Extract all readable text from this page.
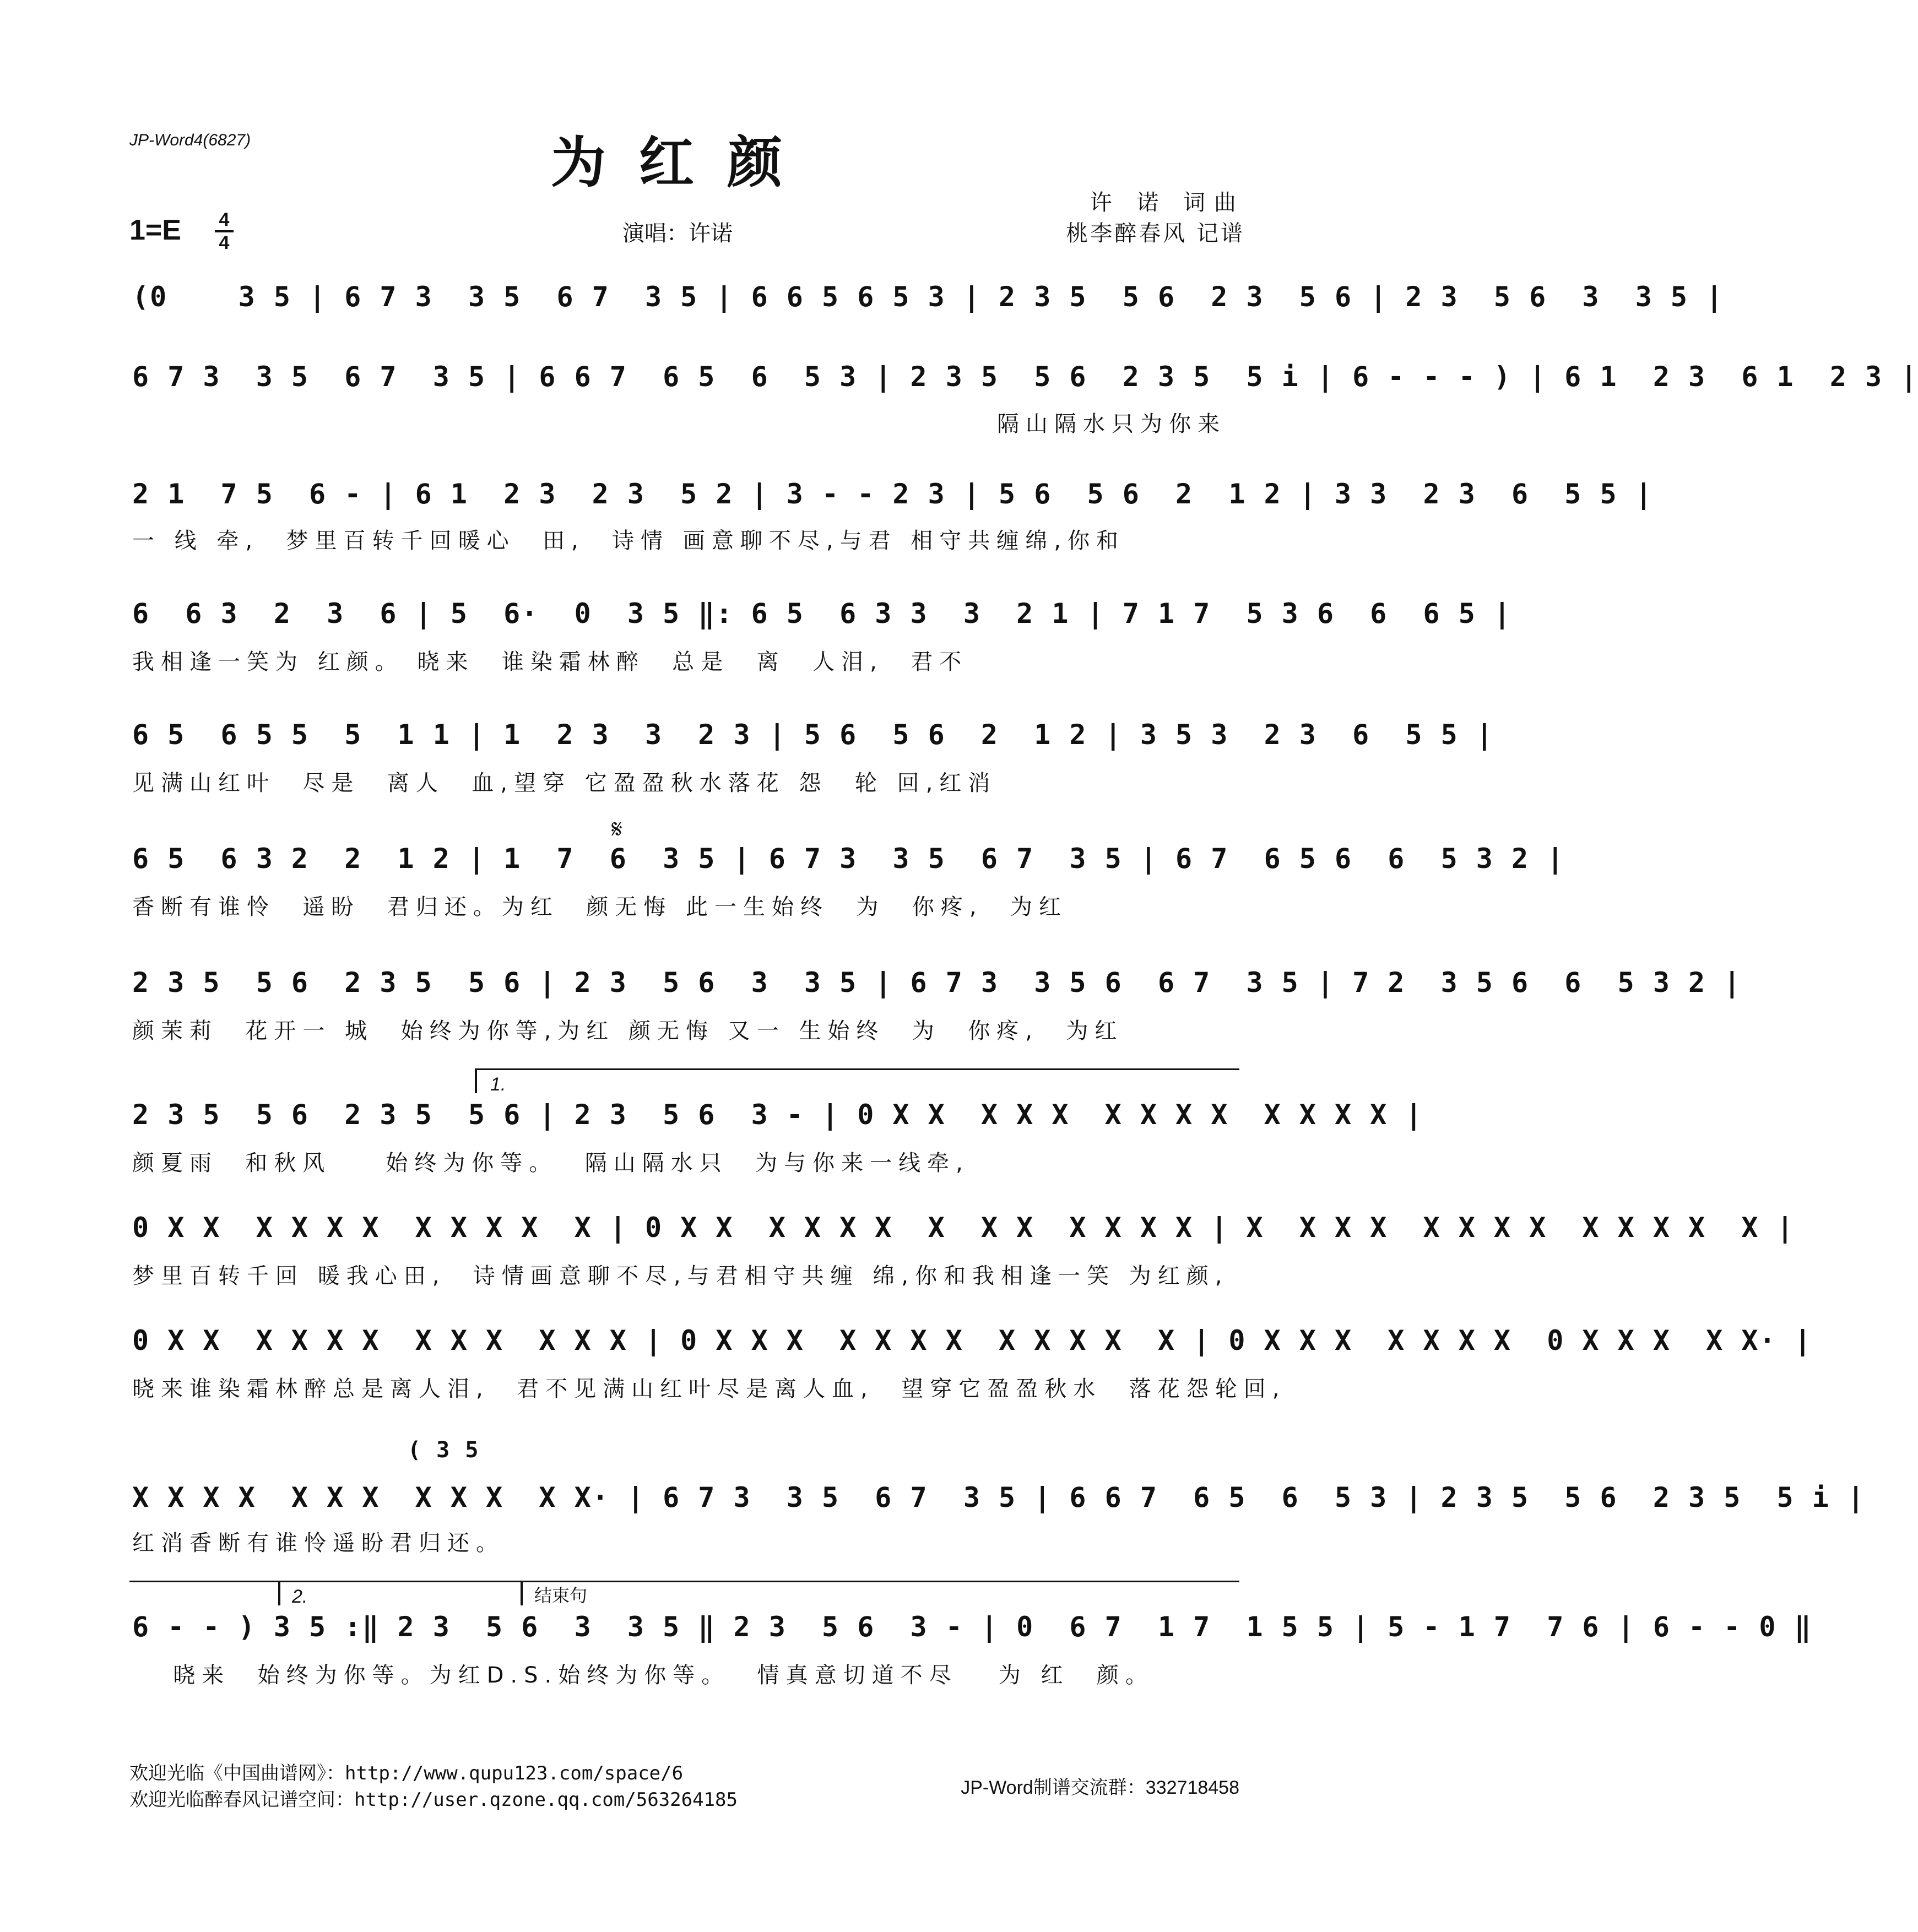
JP-Word4(6827)	为红颜
1=E 4
4	演唱：许诺
许 诺 词曲
桃李醉春风 记谱
(0    3 5 | 6 7 3  3 5  6 7  3 5 | 6 6 5 6 5 3 | 2 3 5  5 6  2 3  5 6 | 2 3  5 6  3  3 5 |
6 7 3  3 5  6 7  3 5 | 6 6 7  6 5  6  5 3 | 2 3 5  5 6  2 3 5  5 i | 6 - - - ) | 6 1  2 3  6 1  2 3 |
隔山隔水只为你来
2 1  7 5  6 - | 6 1  2 3  2 3  5 2 | 3 - - 2 3 | 5 6  5 6  2  1 2 | 3 3  2 3  6  5 5 |
一 线 牵,  梦里百转千回暖心  田,  诗情 画意聊不尽,与君 相守共缠绵,你和
6  6 3  2  3  6 | 5  6·  0  3 5 ‖: 6 5  6 3 3  3  2 1 | 7 1 7  5 3 6  6  6 5 |
我相逢一笑为 红颜。 晓来  谁染霜林醉  总是  离  人泪,  君不
6 5  6 5 5  5  1 1 | 1  2 3  3  2 3 | 5 6  5 6  2  1 2 | 3 5 3  2 3  6  5 5 |
见满山红叶  尽是  离人  血,望穿 它盈盈秋水落花 怨  轮 回,红消
𝄋
6 5  6 3 2  2  1 2 | 1  7  6  3 5 | 6 7 3  3 5  6 7  3 5 | 6 7  6 5 6  6  5 3 2 |
香断有谁怜  遥盼  君归还。为红  颜无悔 此一生始终  为  你疼,  为红
2 3 5  5 6  2 3 5  5 6 | 2 3  5 6  3  3 5 | 6 7 3  3 5 6  6 7  3 5 | 7 2  3 5 6  6  5 3 2 |
颜茉莉  花开一 城  始终为你等,为红 颜无悔 又一 生始终  为  你疼,  为红
1.
2 3 5  5 6  2 3 5  5 6 | 2 3  5 6  3 - | 0 X X  X X X  X X X X  X X X X |
颜夏雨  和秋风    始终为你等。  隔山隔水只  为与你来一线牵,
0 X X  X X X X  X X X X  X | 0 X X  X X X X  X  X X  X X X X | X  X X X  X X X X  X X X X  X |
梦里百转千回 暖我心田,  诗情画意聊不尽,与君相守共缠 绵,你和我相逢一笑 为红颜,
0 X X  X X X X  X X X  X X X | 0 X X X  X X X X  X X X X  X | 0 X X X  X X X X  0 X X X  X X· |
晓来谁染霜林醉总是离人泪,  君不见满山红叶尽是离人血,  望穿它盈盈秋水  落花怨轮回,
( 3 5
X X X X  X X X  X X X  X X· | 6 7 3  3 5  6 7  3 5 | 6 6 7  6 5  6  5 3 | 2 3 5  5 6  2 3 5  5 i |
红消香断有谁怜遥盼君归还。
2.	结束句
6 - - ) 3 5 :‖ 2 3  5 6  3  3 5 ‖ 2 3  5 6  3 - | 0  6 7  1 7  1 5 5 | 5 - 1 7  7 6 | 6 - - 0 ‖
晓来  始终为你等。为红D.S.始终为你等。  情真意切道不尽   为 红  颜。
欢迎光临《中国曲谱网》：http://www.qupu123.com/space/6
欢迎光临醉春风记谱空间：http://user.qzone.qq.com/563264185
JP-Word制谱交流群：332718458
